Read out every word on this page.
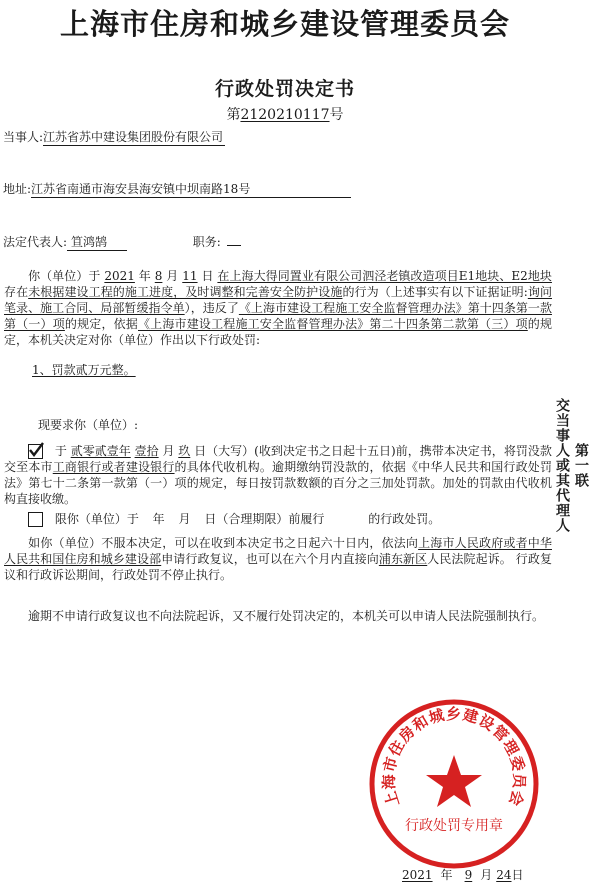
上海市住房和城乡建设管理委员会
行政处罚决定书
第2120210117号
当事人:江苏省苏中建设集团股份有限公司
地址:江苏省南通市海安县海安镇中坝南路18号
法定代表人: 笪鸿鹄	职务:
你（单位）于 2021 年 8 月 11 日 在上海大得同置业有限公司泗泾老镇改造项目E1地块、E2地块 存在未根据建设工程的施工进度，及时调整和完善安全防护设施的行为（上述事实有以下证据证明:询问笔录、施工合同、局部暂缓指令单），违反了《上海市建设工程施工安全监督管理办法》第十四条第一款第（一）项的规定，依据《上海市建设工程施工安全监督管理办法》第二十四条第二款第（三）项的规定，本机关决定对你（单位）作出以下行政处罚:
1、罚款贰万元整。
第一联
交当事人或其代理人
现要求你（单位）:
于 贰零贰壹年 壹拾 月 玖 日（大写）(收到决定书之日起十五日)前，携带本决定书，将罚没款交至本市工商银行或者建设银行的具体代收机构。逾期缴纳罚没款的，依据《中华人民共和国行政处罚法》第七十二条第一款第（一）项的规定，每日按罚款数额的百分之三加处罚款。加处的罚款由代收机构直接收缴。
限你（单位）于 年 月 日（合理期限）前履行	的行政处罚。
如你（单位）不服本决定，可以在收到本决定书之日起六十日内，依法向上海市人民政府或者中华人民共和国住房和城乡建设部申请行政复议，也可以在六个月内直接向浦东新区人民法院起诉。 行政复议和行政诉讼期间，行政处罚不停止执行。
逾期不申请行政复议也不向法院起诉，又不履行处罚决定的，本机关可以申请人民法院强制执行。
上海市住房和城乡建设管理委员会
行政处罚专用章
2021 年 9 月 24日
